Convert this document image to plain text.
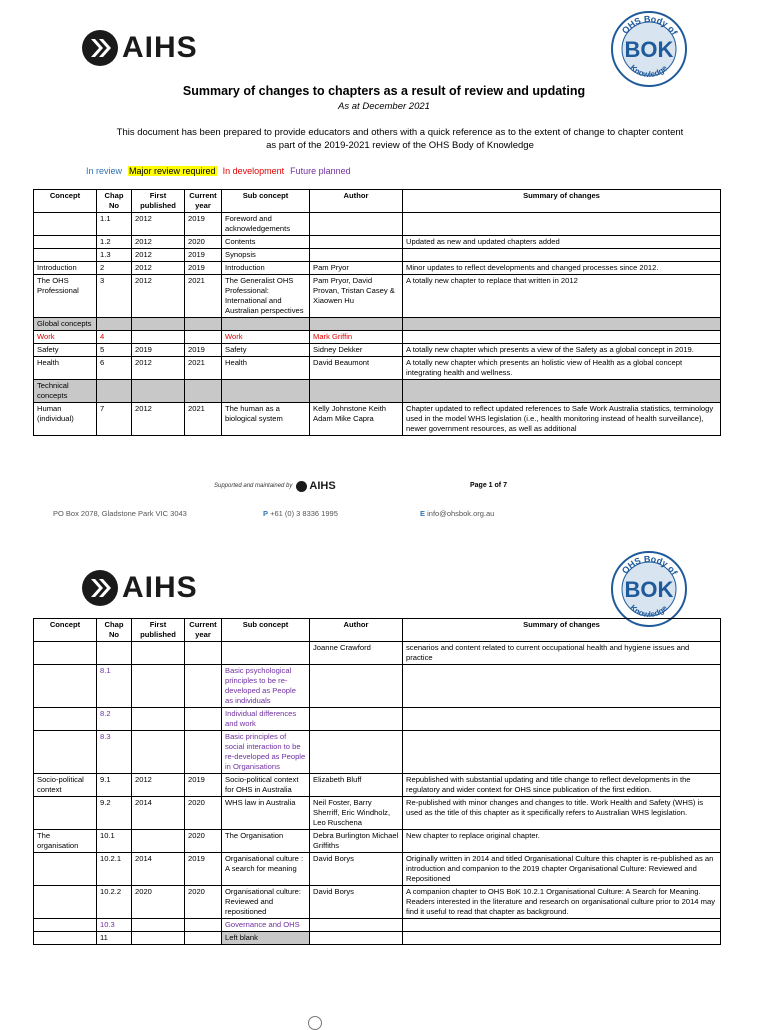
AIHS
OHS Body of
Knowledge
BOK
Summary of changes to chapters as a result of review and updating
As at December 2021
This document has been prepared to provide educators and others with a quick reference as to the extent of change to chapter content
as part of the 2019-2021 review of the OHS Body of Knowledge
In review Major review required In development Future planned
Concept	Chap No	First published	Current year	Sub concept	Author	Summary of changes
	1.1	2012	2019	Foreword and acknowledgements		
	1.2	2012	2020	Contents		Updated as new and updated chapters added
	1.3	2012	2019	Synopsis		
Introduction	2	2012	2019	Introduction	Pam Pryor	Minor updates to reflect developments and changed processes since 2012.
The OHS Professional	3	2012	2021	The Generalist OHS Professional: International and Australian perspectives	Pam Pryor, David Provan, Tristan Casey & Xiaowen Hu	A totally new chapter to replace that written in 2012
Global concepts						
Work	4			Work	Mark Griffin	
Safety	5	2019	2019	Safety	Sidney Dekker	A totally new chapter which presents a view of the Safety as a global concept in 2019.
Health	6	2012	2021	Health	David Beaumont	A totally new chapter which presents an holistic view of Health as a global concept integrating health and wellness.
Technical concepts						
Human (individual)	7	2012	2021	The human as a biological system	Kelly Johnstone Keith Adam Mike Capra	Chapter updated to reflect updated references to Safe Work Australia statistics, terminology used in the model WHS legislation (i.e., health monitoring instead of health surveillance), newer government resources, as well as additional
Supported and maintained by AIHS	Page 1 of 7
PO Box 2078, Gladstone Park VIC 3043	P +61 (0) 3 8336 1995	E info@ohsbok.org.au
AIHS
OHS Body of
Knowledge
BOK
Concept	Chap No	First published	Current year	Sub concept	Author	Summary of changes
					Joanne Crawford	scenarios and content related to current occupational health and hygiene issues and practice
	8.1			Basic psychological principles to be re-developed as People as individuals		
	8.2			Individual differences and work		
	8.3			Basic principles of social interaction to be re-developed as People in Organisations		
Socio-political context	9.1	2012	2019	Socio-political context for OHS in Australia	Elizabeth Bluff	Republished with substantial updating and title change to reflect developments in the regulatory and wider context for OHS since publication of the first edition.
	9.2	2014	2020	WHS law in Australia	Neil Foster, Barry Sherriff, Eric Windholz, Leo Ruschena	Re-published with minor changes and changes to title. Work Health and Safety (WHS) is used as the title of this chapter as it specifically refers to Australian WHS legislation.
The organisation	10.1		2020	The Organisation	Debra Burlington Michael Griffiths	New chapter to replace original chapter.
	10.2.1	2014	2019	Organisational culture : A search for meaning	David Borys	Originally written in 2014 and titled Organisational Culture this chapter is re-published as an introduction and companion to the 2019 chapter Organisational Culture: Reviewed and Repositioned
	10.2.2	2020	2020	Organisational culture: Reviewed and repositioned	David Borys	A companion chapter to OHS BoK 10.2.1 Organisational Culture: A Search for Meaning. Readers interested in the literature and research on organisational culture prior to 2014 may find it useful to read that chapter as background.
	10.3			Governance and OHS		
	11			Left blank		
